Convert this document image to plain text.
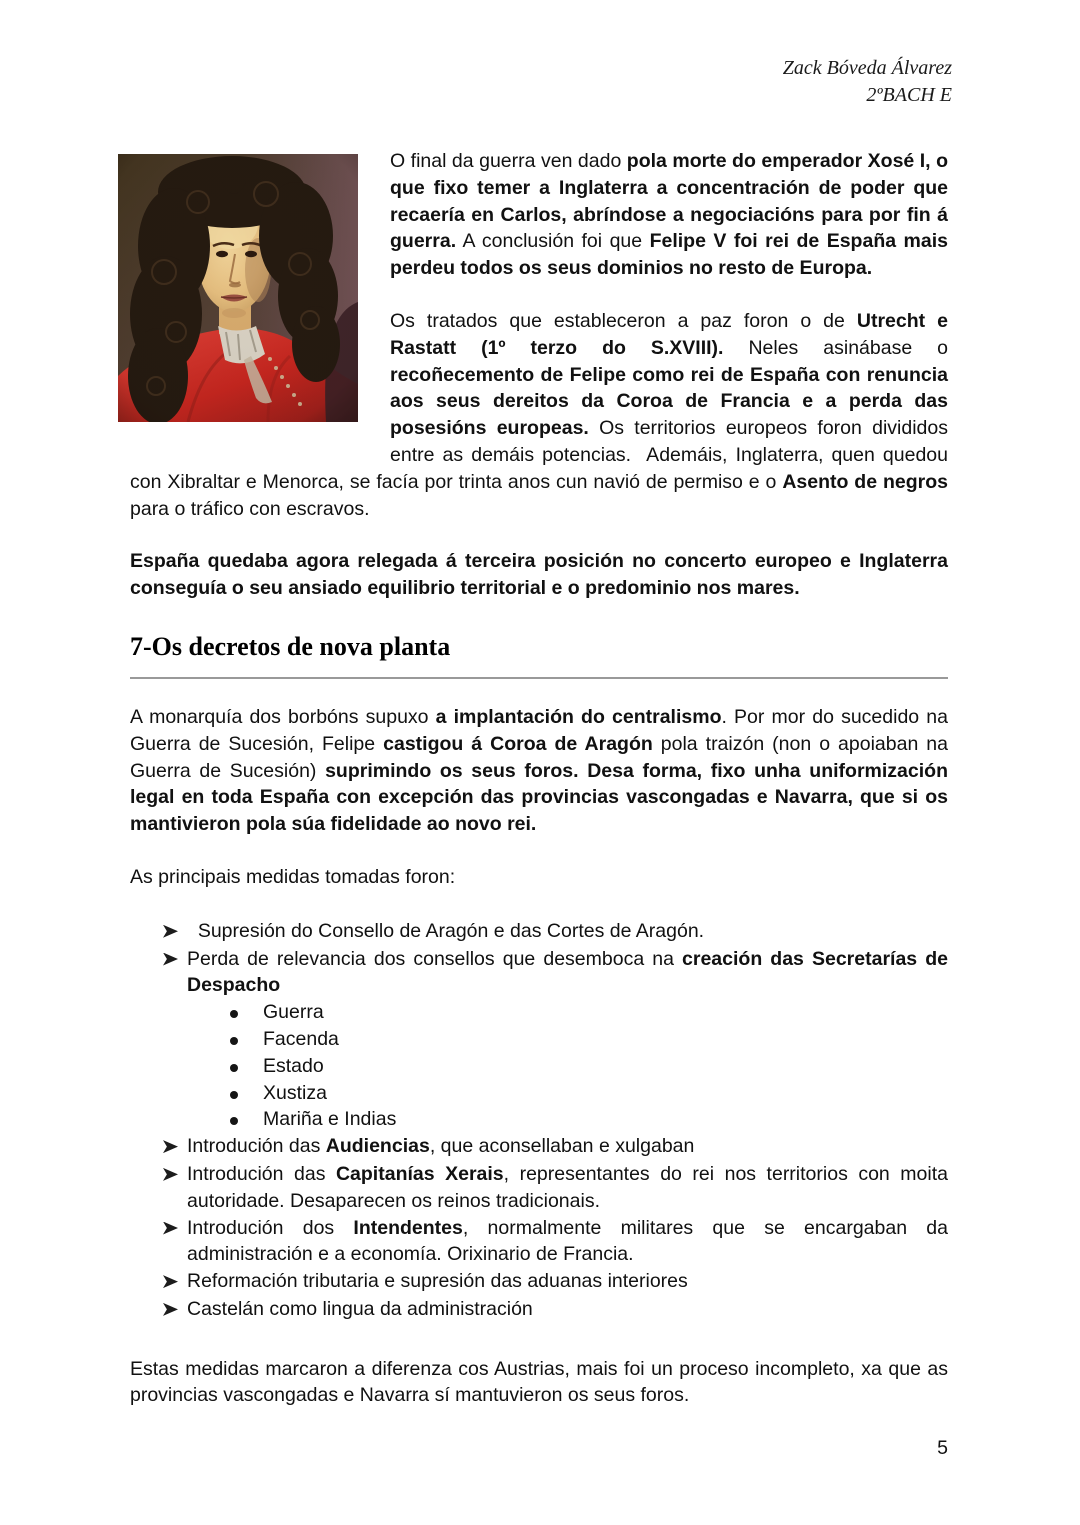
Zack Bóveda Álvarez
2ºBACH E

O final da guerra ven dado pola morte do emperador Xosé I, o que fixo temer a Inglaterra a concentración de poder que recaería en Carlos, abríndose a negociacións para por fin á guerra. A conclusión foi que Felipe V foi rei de España mais perdeu todos os seus dominios no resto de Europa.

Os tratados que estableceron a paz foron o de Utrecht e Rastatt (1º terzo do S.XVIII). Neles asinábase o recoñecemento de Felipe como rei de España con renuncia aos seus dereitos da Coroa de Francia e a perda das posesións europeas. Os territorios europeos foron divididos entre as demáis potencias.  Ademáis, Inglaterra, quen quedou con Xibraltar e Menorca, se facía por trinta anos cun navió de permiso e o Asento de negros para o tráfico con escravos.

España quedaba agora relegada á terceira posición no concerto europeo e Inglaterra conseguía o seu ansiado equilibrio territorial e o predominio nos mares.

7-Os decretos de nova planta

A monarquía dos borbóns supuxo a implantación do centralismo. Por mor do sucedido na Guerra de Sucesión, Felipe castigou á Coroa de Aragón pola traizón (non o apoiaban na Guerra de Sucesión) suprimindo os seus foros. Desa forma, fixo unha uniformización legal en toda España con excepción das provincias vascongadas e Navarra, que si os mantivieron pola súa fidelidade ao novo rei.

As principais medidas tomadas foron:

Supresión do Consello de Aragón e das Cortes de Aragón.
Perda de relevancia dos consellos que desemboca na creación das Secretarías de Despacho
Guerra
Facenda
Estado
Xustiza
Mariña e Indias
Introdución das Audiencias, que aconsellaban e xulgaban
Introdución das Capitanías Xerais, representantes do rei nos territorios con moita autoridade. Desaparecen os reinos tradicionais.
Introdución dos Intendentes, normalmente militares que se encargaban da administración e a economía. Orixinario de Francia.
Reformación tributaria e supresión das aduanas interiores
Castelán como lingua da administración

Estas medidas marcaron a diferenza cos Austrias, mais foi un proceso incompleto, xa que as provincias vascongadas e Navarra sí mantuvieron os seus foros.

5
